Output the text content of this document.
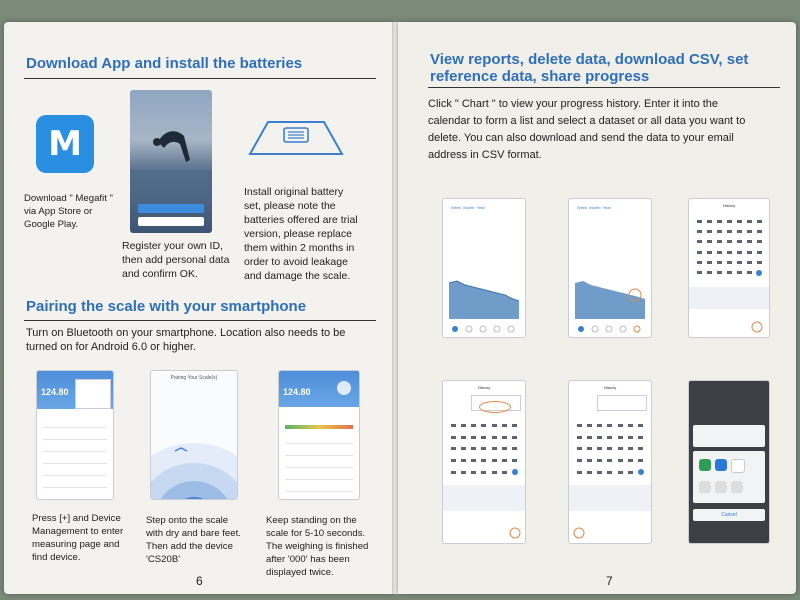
Download App and install the batteries
M
Download " Megafit "
via App Store or
Google Play.
Register your own ID,
then add personal data
and confirm OK.
Install original battery
set, please note the
batteries offered are trial
version, please replace
them within 2 months in
order to avoid leakage
and damage the scale.
Pairing the scale with your smartphone
Turn on Bluetooth on your smartphone. Location also needs to be
turned on for Android 6.0 or higher.
124.80
Pairing Your Scale(s)
124.80
Press [+] and Device
Management to enter
measuring page and
find device.
Step onto the scale
with dry and bare feet.
Then add the device
'CS20B'
Keep standing on the
scale for 5-10 seconds.
The weighing is finished
after '000' has been
displayed twice.
6
View reports, delete data, download CSV, set
reference data, share progress
Click " Chart " to view your progress history. Enter it into the
calendar to form a list and select a dataset or all data you want to
delete. You can also download and send the data to your email
address in CSV format.
Week Month Year	Week Month Year	History
History	History
Cancel
7
